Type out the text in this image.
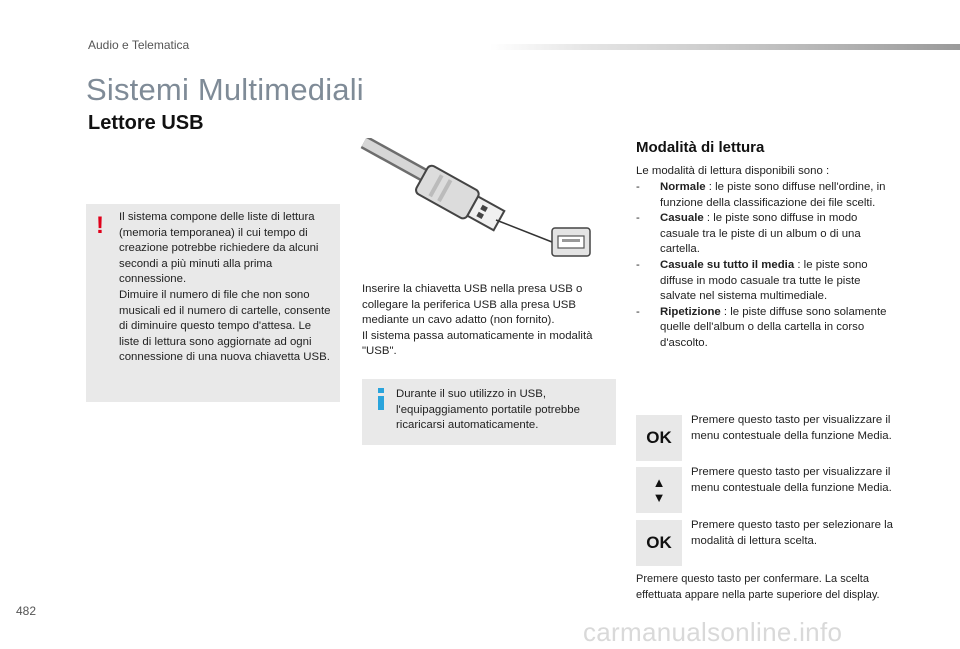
Audio e Telematica
Sistemi Multimediali
Lettore USB
! Il sistema compone delle liste di lettura (memoria temporanea) il cui tempo di creazione potrebbe richiedere da alcuni secondi a più minuti alla prima connessione.
Dimuire il numero di file che non sono musicali ed il numero di cartelle, consente di diminuire questo tempo d'attesa. Le liste di lettura sono aggiornate ad ogni connessione di una nuova chiavetta USB.
Inserire la chiavetta USB nella presa USB o collegare la periferica USB alla presa USB mediante un cavo adatto (non fornito).
Il sistema passa automaticamente in modalità "USB".
Durante il suo utilizzo in USB, l'equipaggiamento portatile potrebbe ricaricarsi automaticamente.
Modalità di lettura
Le modalità di lettura disponibili sono :
- Normale : le piste sono diffuse nell'ordine, in funzione della classificazione dei file scelti.
- Casuale : le piste sono diffuse in modo casuale tra le piste di un album o di una cartella.
- Casuale su tutto il media : le piste sono diffuse in modo casuale tra tutte le piste salvate nel sistema multimediale.
- Ripetizione : le piste diffuse sono solamente quelle dell'album o della cartella in corso d'ascolto.
OK
Premere questo tasto per visualizzare il menu contestuale della funzione Media.
▲
▼
Premere questo tasto per visualizzare il menu contestuale della funzione Media.
OK
Premere questo tasto per selezionare la modalità di lettura scelta.
Premere questo tasto per confermare. La scelta effettuata appare nella parte superiore del display.
482
carmanualsonline.info
